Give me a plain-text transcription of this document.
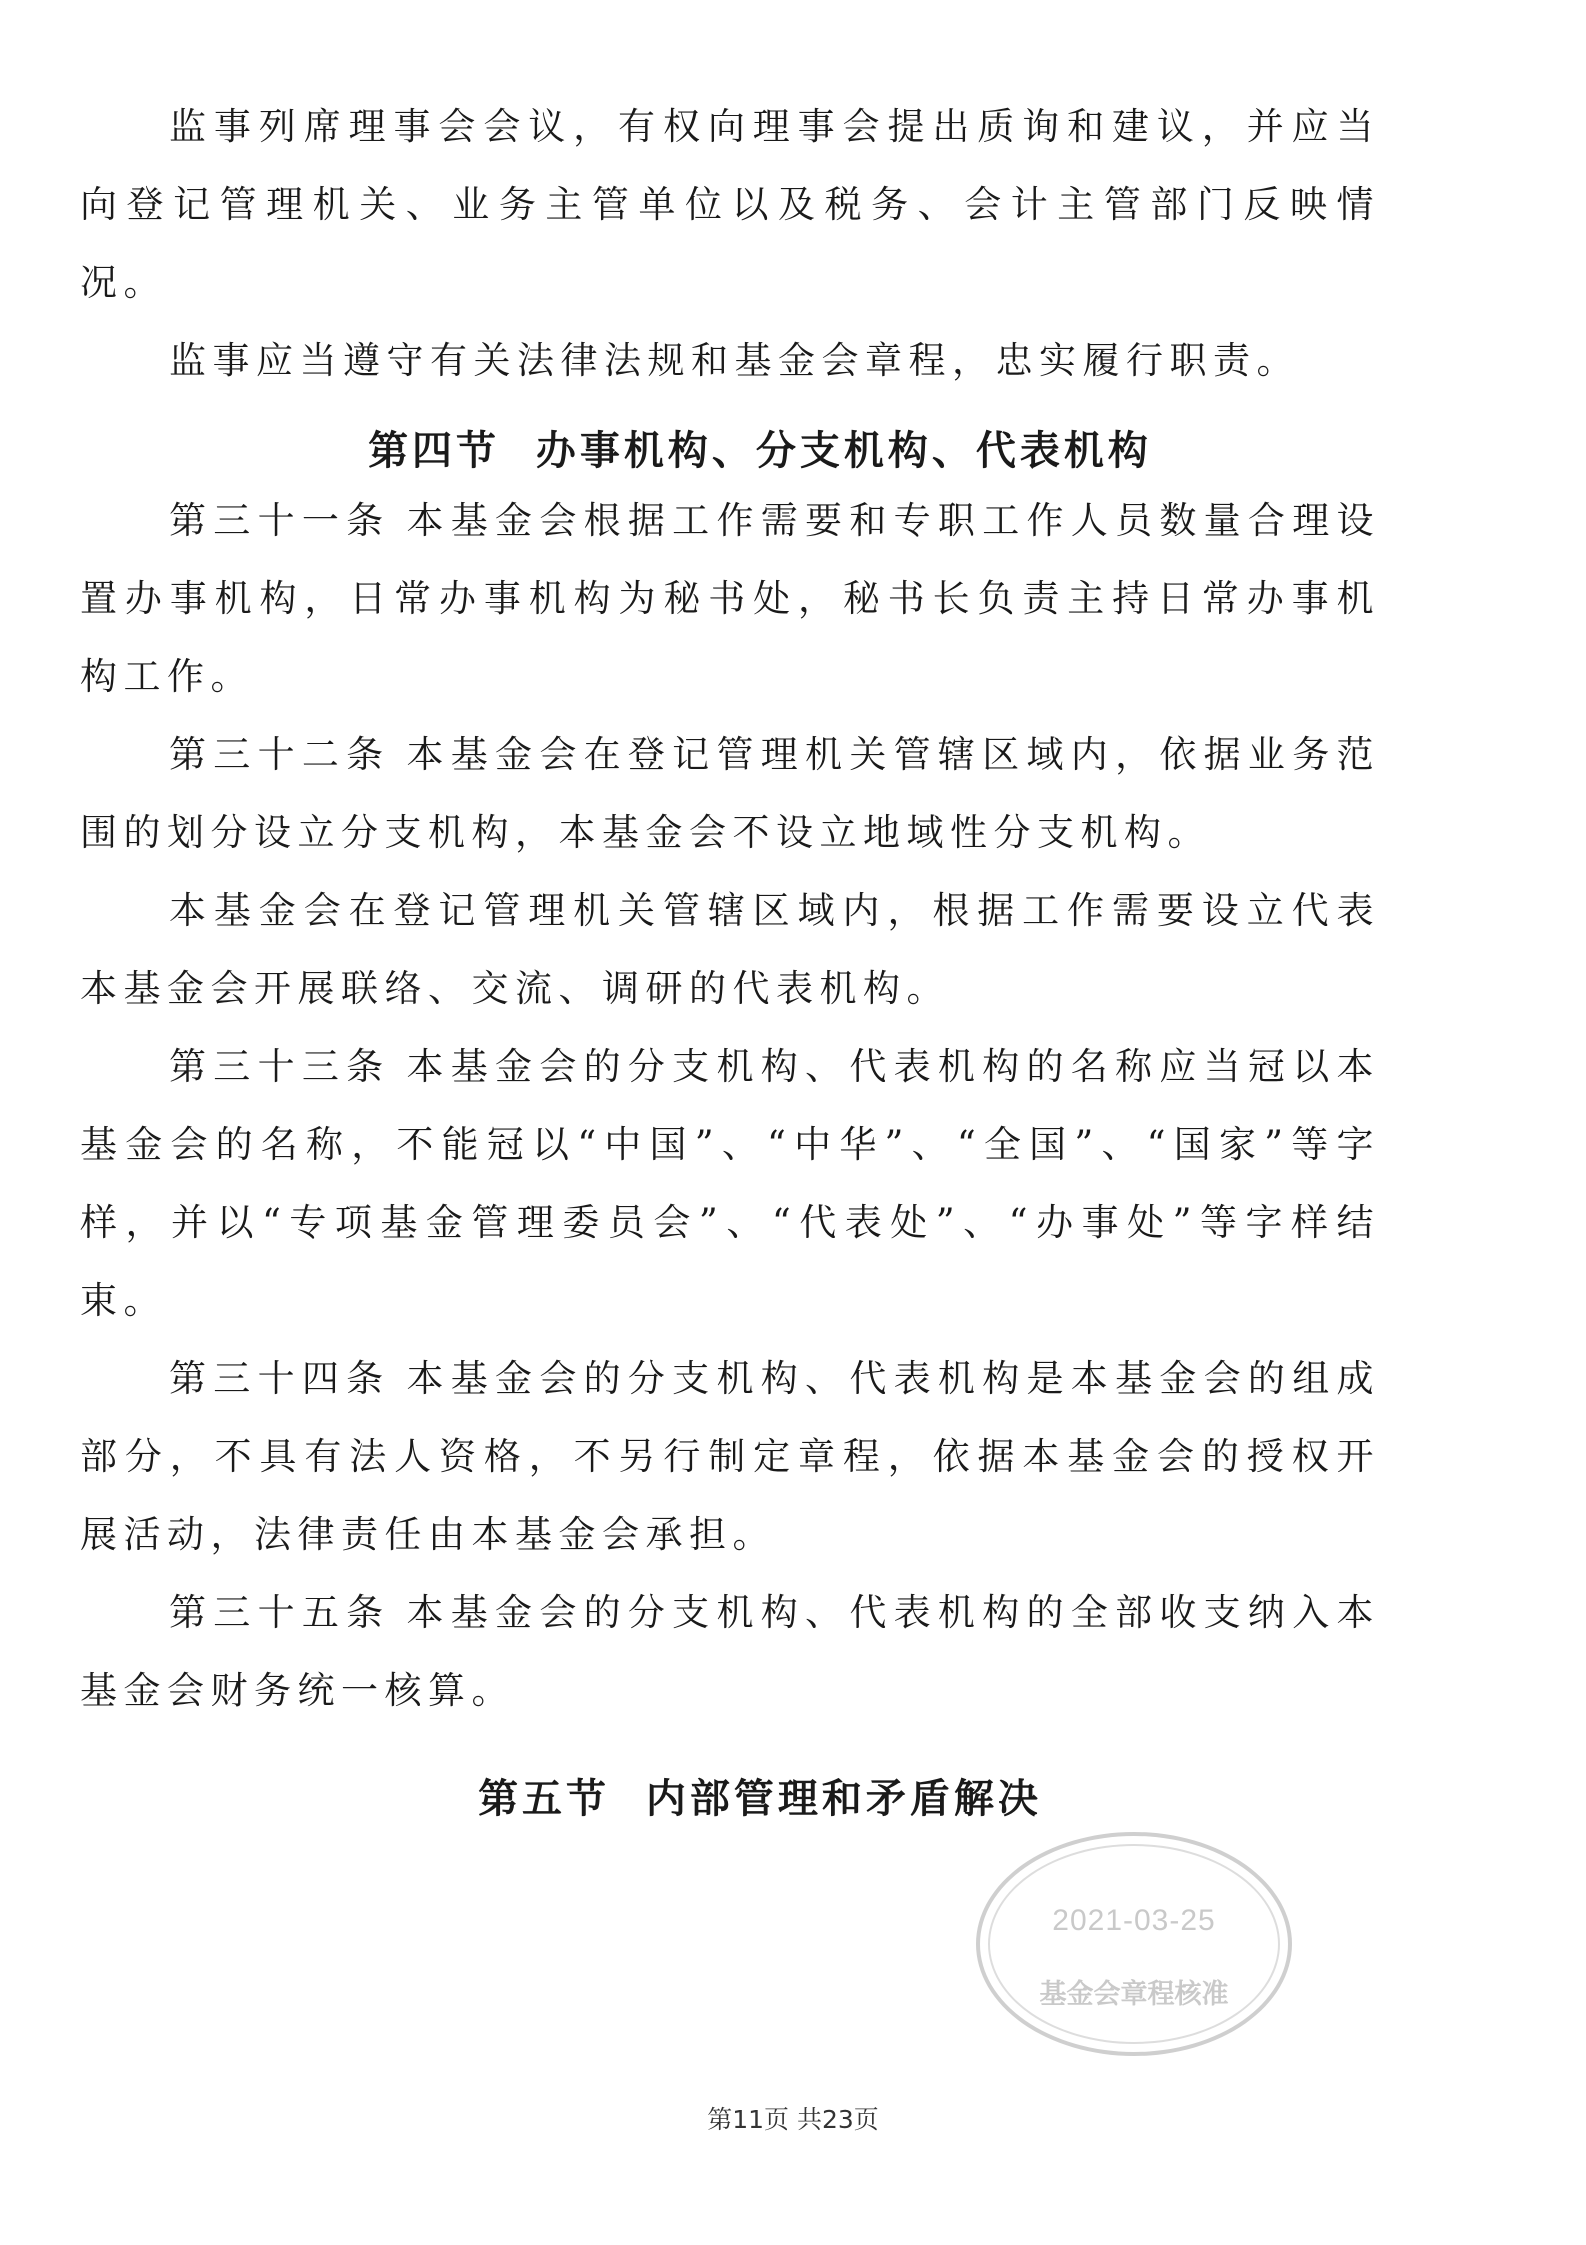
监事列席理事会会议，有权向理事会提出质询和建议，并应当向登记管理机关、业务主管单位以及税务、会计主管部门反映情况。

监事应当遵守有关法律法规和基金会章程，忠实履行职责。

第四节  办事机构、分支机构、代表机构

第三十一条 本基金会根据工作需要和专职工作人员数量合理设置办事机构，日常办事机构为秘书处，秘书长负责主持日常办事机构工作。

第三十二条 本基金会在登记管理机关管辖区域内，依据业务范围的划分设立分支机构，本基金会不设立地域性分支机构。

本基金会在登记管理机关管辖区域内，根据工作需要设立代表本基金会开展联络、交流、调研的代表机构。

第三十三条 本基金会的分支机构、代表机构的名称应当冠以本基金会的名称，不能冠以“中国”、“中华”、“全国”、“国家”等字样，并以“专项基金管理委员会”、“代表处”、“办事处”等字样结束。

第三十四条 本基金会的分支机构、代表机构是本基金会的组成部分，不具有法人资格，不另行制定章程，依据本基金会的授权开展活动，法律责任由本基金会承担。

第三十五条 本基金会的分支机构、代表机构的全部收支纳入本基金会财务统一核算。

第五节  内部管理和矛盾解决

2021-03-25
基金会章程核准
第11页 共23页
